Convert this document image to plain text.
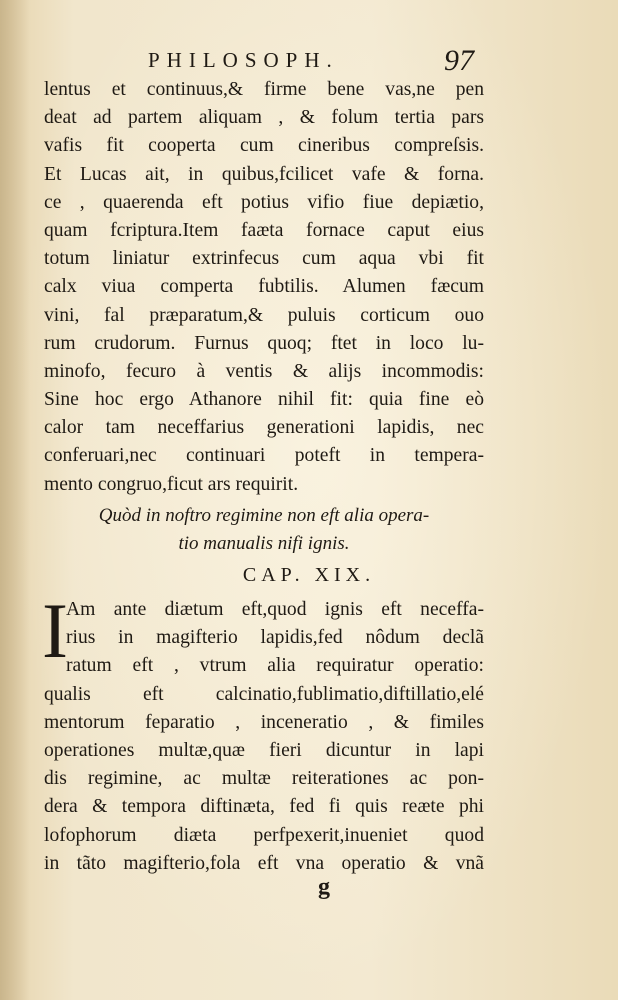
PHILOSOPH.	97
lentus et continuus,& firme bene vas,ne pen
deat ad partem aliquam , & folum tertia pars
vafis fit cooperta cum cineribus compreſsis.
Et Lucas ait, in quibus,fcilicet vafe & forna.
ce , quaerenda eft potius vifio fiue depiætio,
quam fcriptura.Item faæta fornace caput eius
totum liniatur extrinfecus cum aqua vbi fit
calx viua comperta fubtilis. Alumen fæcum
vini, fal præparatum,& puluis corticum ouo
rum crudorum. Furnus quoq; ftet in loco lu-
minofo, fecuro à ventis & alijs incommodis:
Sine hoc ergo Athanore nihil fit: quia fine eò
calor tam neceffarius generationi lapidis, nec
conferuari,nec continuari poteft in tempera-
mento congruo,ficut ars requirit.
Quòd in noftro regimine non eft alia opera-
tio manualis nifi ignis.
CAP. XIX.
I
Am ante diætum eft,quod ignis eft neceffa-
rius in magifterio lapidis,fed nôdum declã
ratum eft , vtrum alia requiratur operatio:
qualis eft calcinatio,fublimatio,diftillatio,elé
mentorum feparatio , inceneratio , & fimiles
operationes multæ,quæ fieri dicuntur in lapi
dis regimine, ac multæ reiterationes ac pon-
dera & tempora diftinæta, fed fi quis reæte phi
lofophorum diæta perfpexerit,inueniet quod
in tãto magifterio,fola eft vna operatio & vnã
g
